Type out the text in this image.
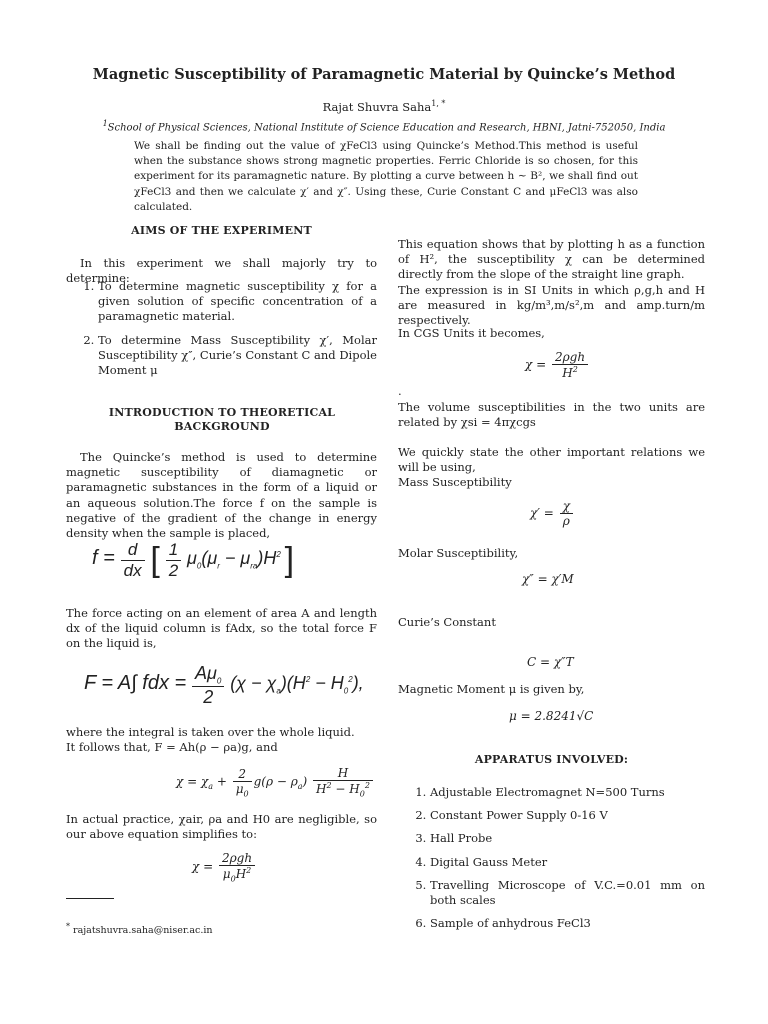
Magnetic Susceptibility of Paramagnetic Material by Quincke’s Method
Rajat Shuvra Saha$^{1, *}$
$^1$School of Physical Sciences, National Institute of Science Education and Research, HBNI, Jatni-752050, India
We shall be finding out the value of χFeCl3 using Quincke’s Method.This method is useful when the substance shows strong magnetic properties. Ferric Chloride is so chosen, for this experiment for its paramagnetic nature. By plotting a curve between h ∼ B², we shall find out χFeCl3 and then we calculate χ′ and χ″. Using these, Curie Constant C and μFeCl3 was also calculated.
AIMS OF THE EXPERIMENT
In this experiment we shall majorly try to determine:
1. To determine magnetic susceptibility χ for a given solution of specific concentration of a paramagnetic material.
2. To determine Mass Susceptibility χ′, Molar Susceptibility χ″, Curie’s Constant C and Dipole Moment μ
INTRODUCTION TO THEORETICAL BACKGROUND
The Quincke’s method is used to determine magnetic susceptibility of diamagnetic or paramagnetic substances in the form of a liquid or an aqueous solution.The force f on the sample is negative of the gradient of the change in energy density when the sample is placed,
$f = \frac{d}{dx}$ [ $\frac{1}{2} \mu_0(\mu_r - \mu_{ra})H^2$ ]
The force acting on an element of area A and length dx of the liquid column is fAdx, so the total force F on the liquid is,
F = A∫ fdx = $\frac{A\mu_0}{2} (\chi - \chi_a)(H^2 - H_0^2)$,
where the integral is taken over the whole liquid.
It follows that, F = Ah(ρ − ρa)g, and
$\chi = \chi_a + \frac{2}{\mu_0} g(\rho - \rho_a) \frac{H}{H^2 - H_0^2}$
In actual practice, χair, ρa and H0 are negligible, so our above equation simplifies to:
$\chi = \frac{\text{2ρgh}}{\mu_0H^2}$
* rajatshuvra.saha@niser.ac.in
This equation shows that by plotting h as a function of H², the susceptibility χ can be determined directly from the slope of the straight line graph.
The expression is in SI Units in which ρ,g,h and H are measured in kg/m³,m/s²,m and amp.turn/m respectively.
In CGS Units it becomes,
$\chi = \frac{\text{2ρgh}}{H^2}$
.
The volume susceptibilities in the two units are related by χsi = 4πχcgs
We quickly state the other important relations we will be using,
Mass Susceptibility
$\chi' = \frac{\chi}{\rho}$
Molar Susceptibility,
χ″ = χ′M
Curie’s Constant
C = χ″T
Magnetic Moment μ is given by,
μ = 2.8241√C
APPARATUS INVOLVED:
1. Adjustable Electromagnet N=500 Turns
2. Constant Power Supply 0-16 V
3. Hall Probe
4. Digital Gauss Meter
5. Travelling Microscope of V.C.=0.01 mm on both scales
6. Sample of anhydrous FeCl3
